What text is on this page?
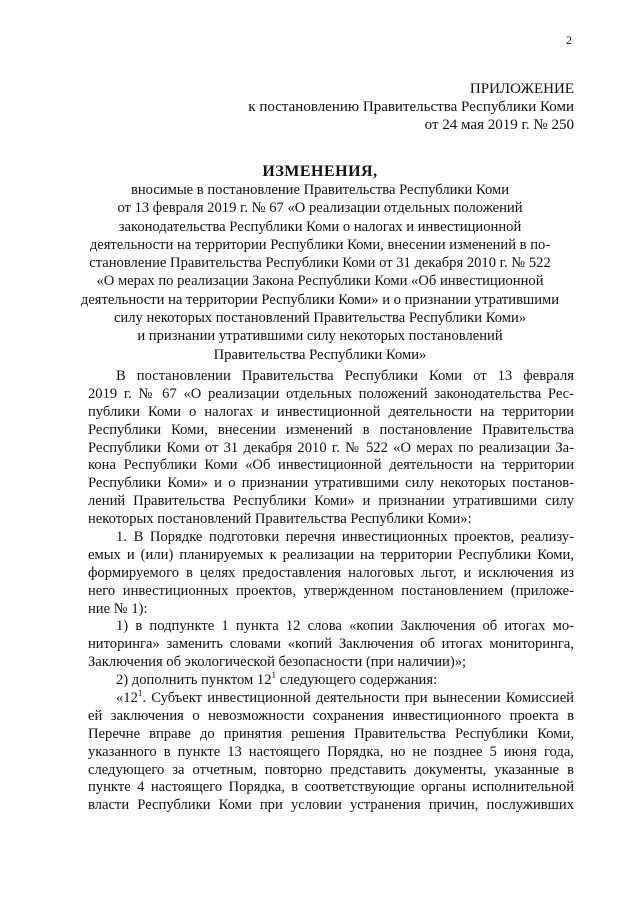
2
ПРИЛОЖЕНИЕ
к постановлению Правительства Республики Коми
от 24 мая 2019 г. № 250
ИЗМЕНЕНИЯ,
вносимые в постановление Правительства Республики Коми
от 13 февраля 2019 г. № 67 «О реализации отдельных положений
законодательства Республики Коми о налогах и инвестиционной
деятельности на территории Республики Коми, внесении изменений в по-
становление Правительства Республики Коми от 31 декабря 2010 г. № 522
«О мерах по реализации Закона Республики Коми «Об инвестиционной
деятельности на территории Республики Коми» и о признании утратившими
силу некоторых постановлений Правительства Республики Коми»
и признании утратившими силу некоторых постановлений
Правительства Республики Коми»
В постановлении Правительства Республики Коми от 13 февраля
2019 г. № 67 «О реализации отдельных положений законодательства Рес-
публики Коми о налогах и инвестиционной деятельности на территории
Республики Коми, внесении изменений в постановление Правительства
Республики Коми от 31 декабря 2010 г. № 522 «О мерах по реализации За-
кона Республики Коми «Об инвестиционной деятельности на территории
Республики Коми» и о признании утратившими силу некоторых постанов-
лений Правительства Республики Коми» и признании утратившими силу
некоторых постановлений Правительства Республики Коми»:
1. В Порядке подготовки перечня инвестиционных проектов, реализу-
емых и (или) планируемых к реализации на территории Республики Коми,
формируемого в целях предоставления налоговых льгот, и исключения из
него инвестиционных проектов, утвержденном постановлением (приложе-
ние № 1):
1) в подпункте 1 пункта 12 слова «копии Заключения об итогах мо-
ниторинга» заменить словами «копий Заключения об итогах мониторинга,
Заключения об экологической безопасности (при наличии)»;
2) дополнить пунктом $12^1$ следующего содержания:
«$12^1$. Субъект инвестиционной деятельности при вынесении Комиссией
ей заключения о невозможности сохранения инвестиционного проекта в
Перечне вправе до принятия решения Правительства Республики Коми,
указанного в пункте 13 настоящего Порядка, но не позднее 5 июня года,
следующего за отчетным, повторно представить документы, указанные в
пункте 4 настоящего Порядка, в соответствующие органы исполнительной
власти Республики Коми при условии устранения причин, послуживших
